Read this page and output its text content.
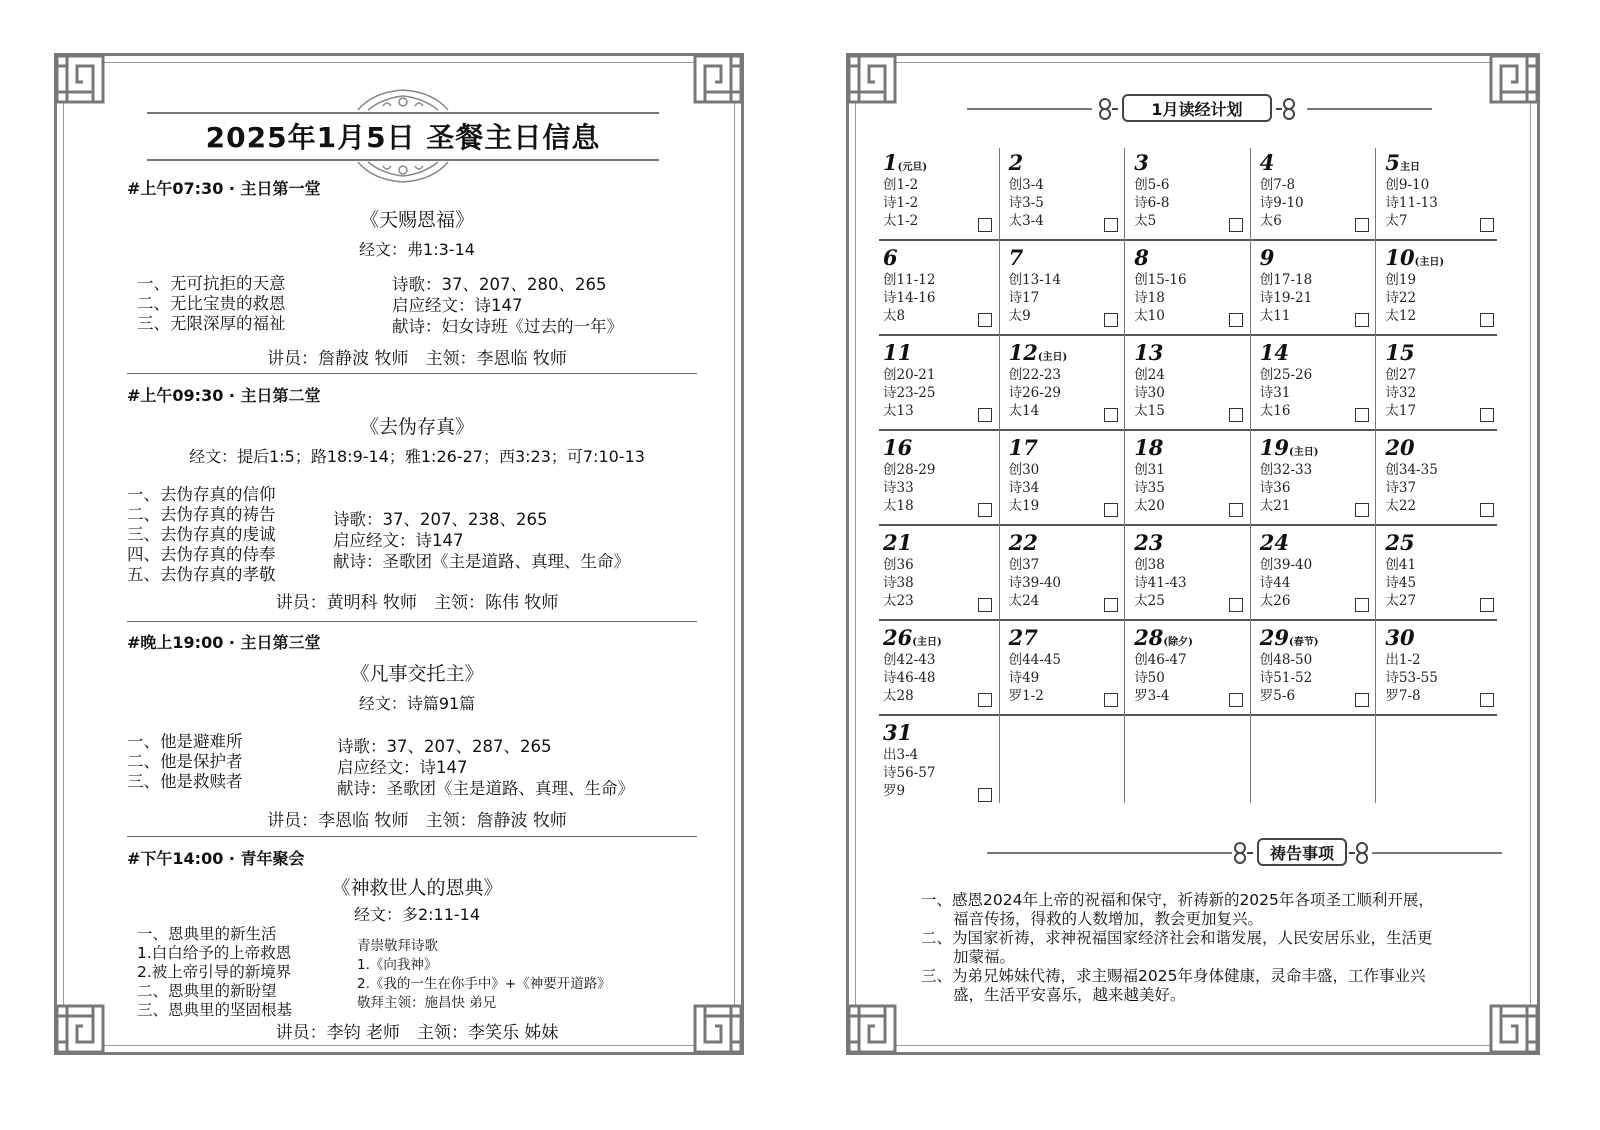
2025年1月5日 圣餐主日信息
#上午07:30 · 主日第一堂
《天赐恩福》
经文：弗1:3-14
一、无可抗拒的天意
二、无比宝贵的救恩
三、无限深厚的福祉
诗歌：37、207、280、265
启应经文：诗147
献诗：妇女诗班《过去的一年》
讲员：詹静波 牧师　主领：李恩临 牧师
#上午09:30 · 主日第二堂
《去伪存真》
经文：提后1:5；路18:9-14；雅1:26-27；西3:23；可7:10-13
一、去伪存真的信仰
二、去伪存真的祷告
三、去伪存真的虔诚
四、去伪存真的侍奉
五、去伪存真的孝敬
诗歌：37、207、238、265
启应经文：诗147
献诗：圣歌团《主是道路、真理、生命》
讲员：黄明科 牧师　主领：陈伟 牧师
#晚上19:00 · 主日第三堂
《凡事交托主》
经文：诗篇91篇
一、他是避难所
二、他是保护者
三、他是救赎者
诗歌：37、207、287、265
启应经文：诗147
献诗：圣歌团《主是道路、真理、生命》
讲员：李恩临 牧师　主领：詹静波 牧师
#下午14:00 · 青年聚会
《神救世人的恩典》
经文：多2:11-14
一、恩典里的新生活
1.白白给予的上帝救恩
2.被上帝引导的新境界
二、恩典里的新盼望
三、恩典里的坚固根基
青崇敬拜诗歌
1.《向我神》
2.《我的一生在你手中》+《神要开道路》
敬拜主领：施昌快 弟兄
讲员：李钧 老师　主领：李笑乐 姊妹
1月读经计划
1(元旦)
创1-2
诗1-2
太1-2
2
创3-4
诗3-5
太3-4
3
创5-6
诗6-8
太5
4
创7-8
诗9-10
太6
5主日
创9-10
诗11-13
太7
6
创11-12
诗14-16
太8
7
创13-14
诗17
太9
8
创15-16
诗18
太10
9
创17-18
诗19-21
太11
10(主日)
创19
诗22
太12
11
创20-21
诗23-25
太13
12(主日)
创22-23
诗26-29
太14
13
创24
诗30
太15
14
创25-26
诗31
太16
15
创27
诗32
太17
16
创28-29
诗33
太18
17
创30
诗34
太19
18
创31
诗35
太20
19(主日)
创32-33
诗36
太21
20
创34-35
诗37
太22
21
创36
诗38
太23
22
创37
诗39-40
太24
23
创38
诗41-43
太25
24
创39-40
诗44
太26
25
创41
诗45
太27
26(主日)
创42-43
诗46-48
太28
27
创44-45
诗49
罗1-2
28(除夕)
创46-47
诗50
罗3-4
29(春节)
创48-50
诗51-52
罗5-6
30
出1-2
诗53-55
罗7-8
31
出3-4
诗56-57
罗9
祷告事项
一、感恩2024年上帝的祝福和保守，祈祷新的2025年各项圣工顺利开展，福音传扬，得救的人数增加，教会更加复兴。
二、为国家祈祷，求神祝福国家经济社会和谐发展，人民安居乐业，生活更加蒙福。
三、为弟兄姊妹代祷，求主赐福2025年身体健康，灵命丰盛，工作事业兴盛，生活平安喜乐，越来越美好。
